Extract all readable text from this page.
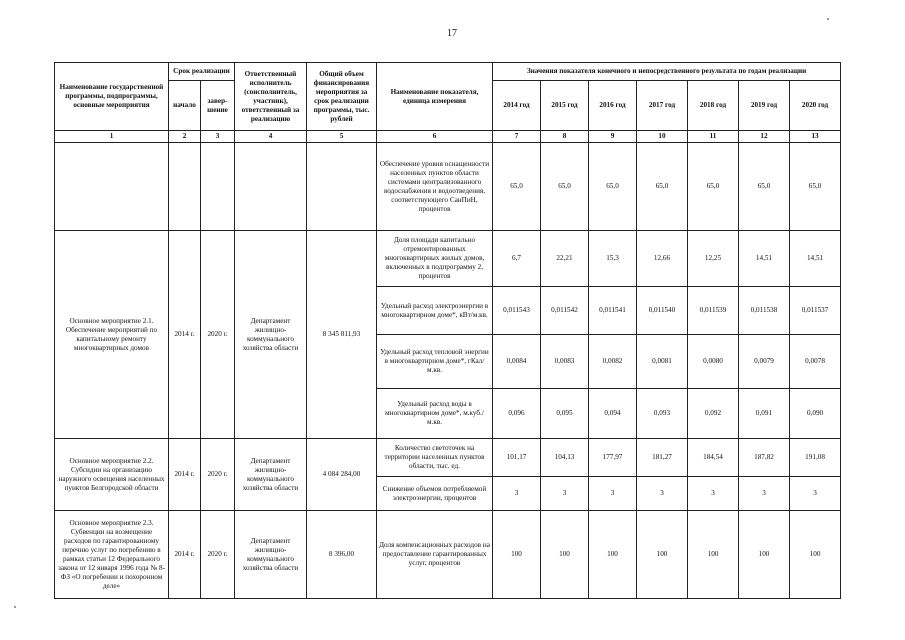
17
Наименование государственной программы, подпрограммы, основные мероприятия	Срок реализации		Ответственный исполнитель (соисполнитель, участник), ответственный за реализацию	Общий объем финансирования мероприятия за срок реализации программы, тыс. рублей	Наименование показателя, единица измерения	Значения показателя конечного и непосредственного результата по годам реализации						
	начало	завер-шение				2014 год	2015 год	2016 год	2017 год	2018 год	2019 год	2020 год
1	2	3	4	5	6	7	8	9	10	11	12	13
					Обеспечение уровня оснащенности населенных пунктов области системами централизованного водоснабжения и водоотведения, соответствующего СанПиН, процентов	65,0	65,0	65,0	65,0	65,0	65,0	65,0
Основное мероприятие 2.1. Обеспечение мероприятий по капитальному ремонту многоквартирных домов	2014 г.	2020 г.	Департамент жилищно-коммунального хозяйства области	8 345 811,93	Доля площади капитально отремонтированных многоквартирных жилых домов, включенных в подпрограмму 2, процентов	6,7	22,21	15,3	12,66	12,25	14,51	14,51
					Удельный расход электроэнергии в многоквартирном доме*, кВт/м.кв.	0,011543	0,011542	0,011541	0,011540	0,011539	0,011538	0,011537
					Удельный расход тепловой энергии в многоквартирном доме*, гКал/м.кв.	0,0084	0,0083	0,0082	0,0081	0,0080	0,0079	0,0078
					Удельный расход воды в многоквартирном доме*, м.куб./м.кв.	0,096	0,095	0,094	0,093	0,092	0,091	0,090
Основное мероприятие 2.2. Субсидии на организацию наружного освещения населенных пунктов Белгородской области	2014 г.	2020 г.	Департамент жилищно-коммунального хозяйства области	4 084 284,00	Количество светоточек на территории населенных пунктов области, тыс. ед.	101,17	104,13	177,97	181,27	184,54	187,82	191,08
					Снижение объемов потребляемой электроэнергии, процентов	3	3	3	3	3	3	3
Основное мероприятие 2.3. Субвенции на возмещение расходов по гарантированному перечню услуг по погребению в рамках статьи 12 Федерального закона от 12 января 1996 года № 8-ФЗ «О погребении и похоронном деле»	2014 г.	2020 г.	Департамент жилищно-коммунального хозяйства области	8 396,00	Доля компенсационных расходов на предоставление гарантированных услуг, процентов	100	100	100	100	100	100	100
